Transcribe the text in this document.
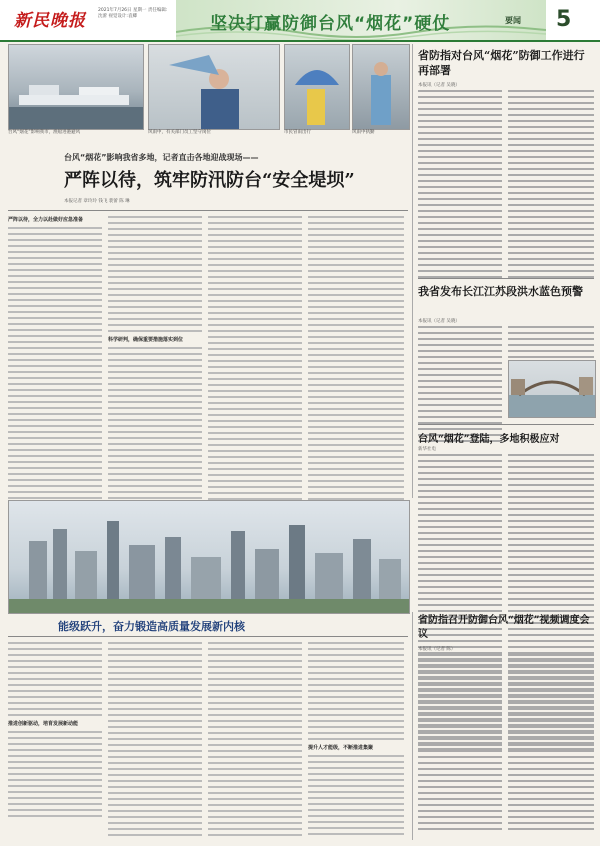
新民晚报
2021年7月26日 星期一 责任编辑:沈蕾 视觉设计:袁卿	坚决打赢防御台风“烟花”硬仗	要闻 5
台风“烟花”影响我市，渔船进港避风	风雨中，有关部门员工坚守岗位	市民冒雨出行	风雨中执勤
台风“烟花”影响我省多地，记者直击各地迎战现场——
严阵以待，筑牢防汛防台“安全堤坝”
本报记者 章玲玲 钱飞 裴蕾 陈 琳
严阵以待，全力以赴做好应急准备
科学研判，确保重要措施落实到位
省防指对台风“烟花”防御工作进行再部署
本报讯（记者 吴晓）
我省发布长江江苏段洪水蓝色预警
本报讯（记者 吴晓）
台风“烟花”登陆，多地积极应对
新华社电
能级跃升，奋力锻造高质量发展新内核
推进创新驱动，培育发展新动能
提升人才能级，不断推进集聚
省防指召开防御台风“烟花”视频调度会议
本报讯（记者 陈）
